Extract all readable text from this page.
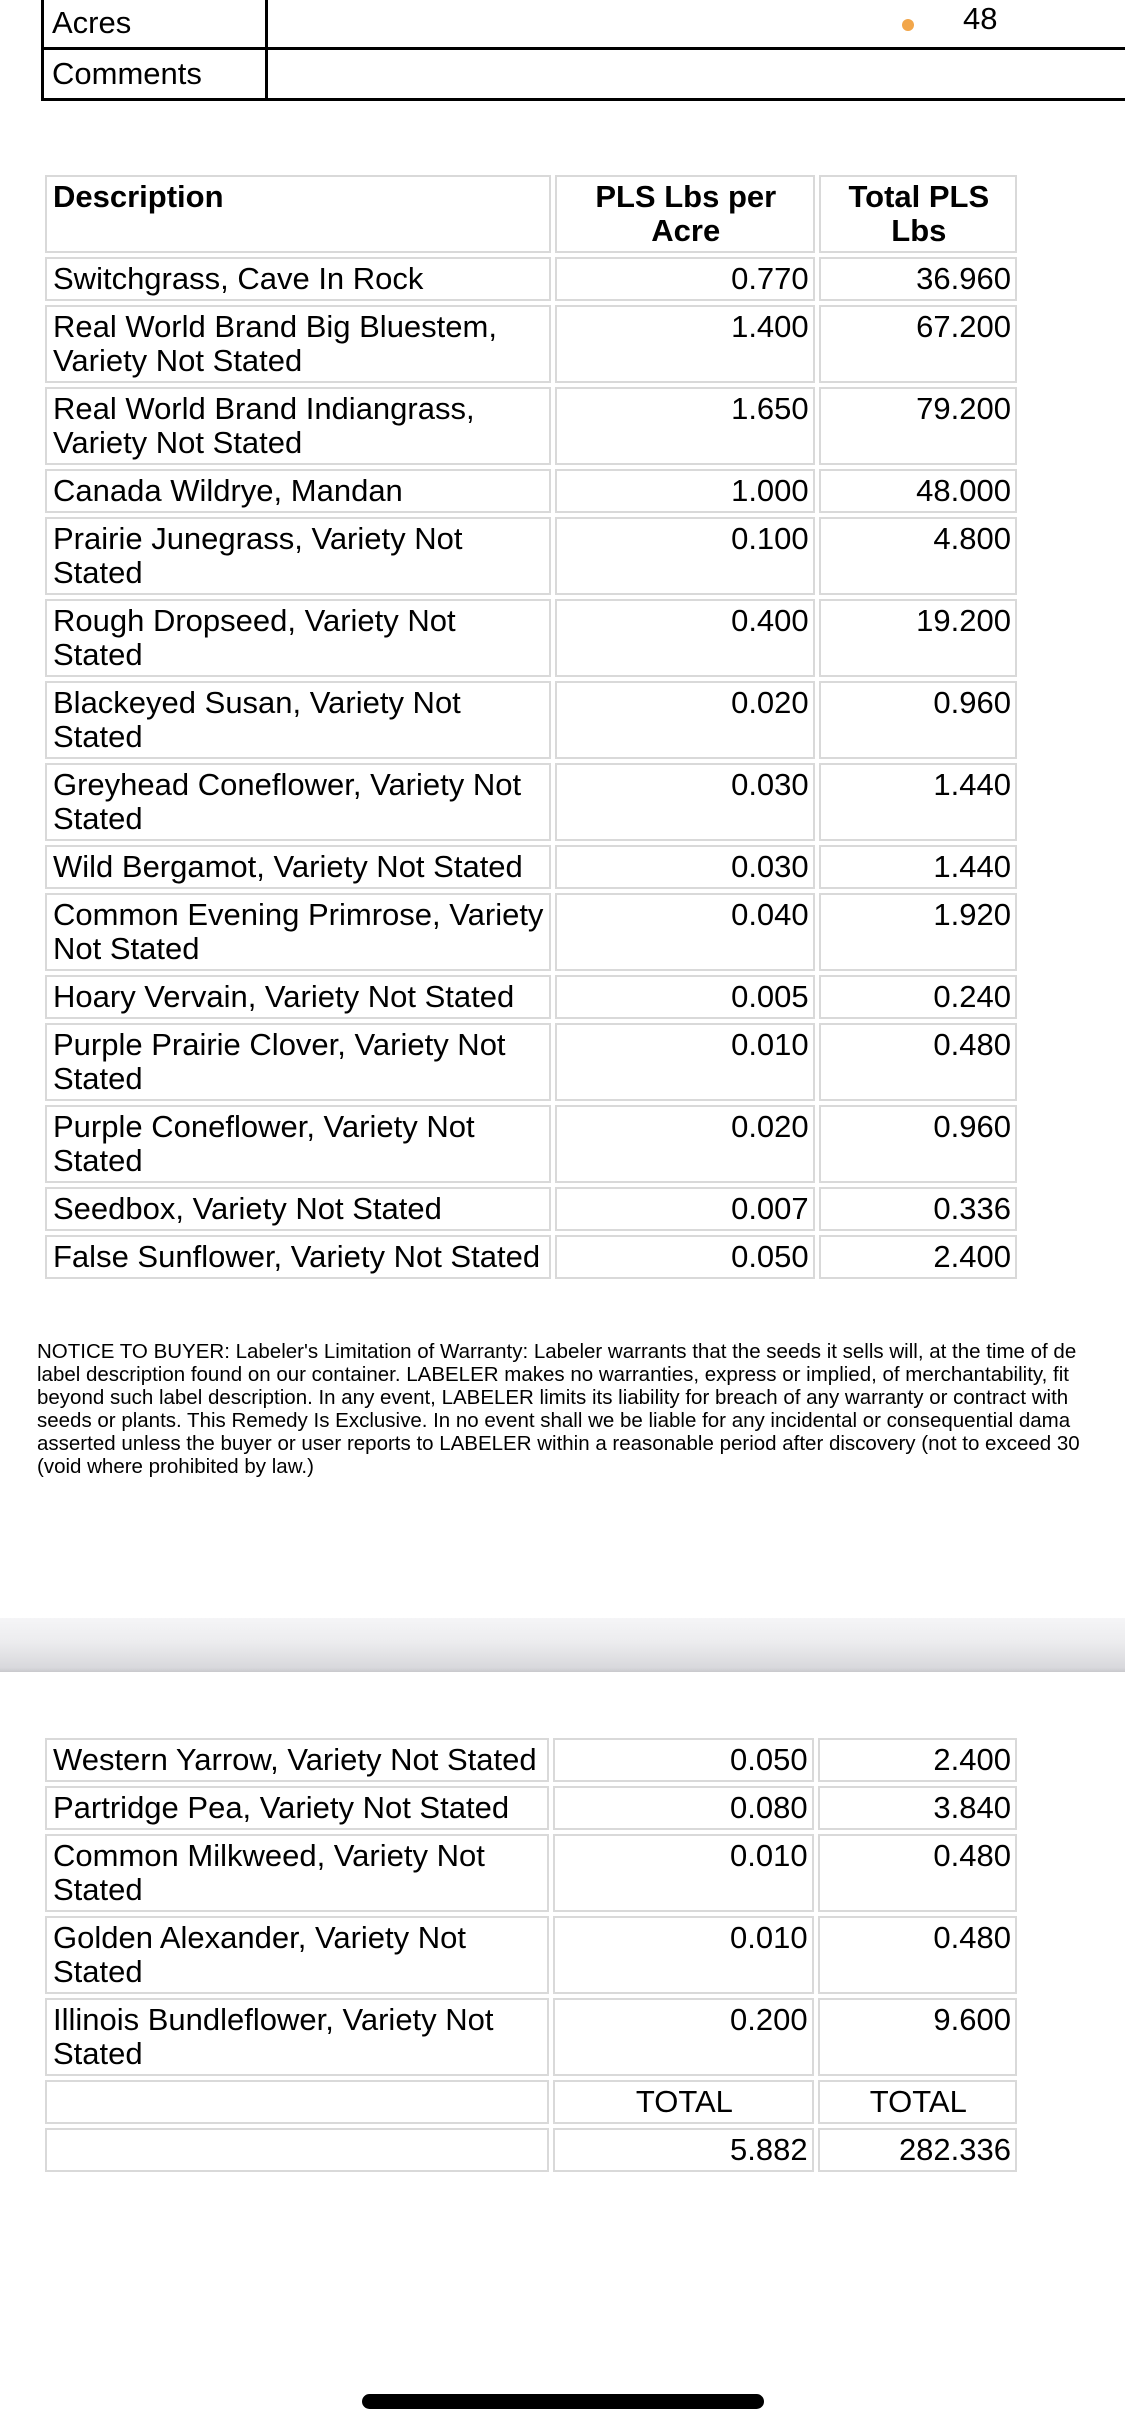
Acres	48

Comments	
Description	PLS Lbs per Acre	Total PLS Lbs
Switchgrass, Cave In Rock	0.770	36.960
Real World Brand Big Bluestem, Variety Not Stated	1.400	67.200
Real World Brand Indiangrass, Variety Not Stated	1.650	79.200
Canada Wildrye, Mandan	1.000	48.000
Prairie Junegrass, Variety Not Stated	0.100	4.800
Rough Dropseed, Variety Not Stated	0.400	19.200
Blackeyed Susan, Variety Not Stated	0.020	0.960
Greyhead Coneflower, Variety Not Stated	0.030	1.440
Wild Bergamot, Variety Not Stated	0.030	1.440
Common Evening Primrose, Variety Not Stated	0.040	1.920
Hoary Vervain, Variety Not Stated	0.005	0.240
Purple Prairie Clover, Variety Not Stated	0.010	0.480
Purple Coneflower, Variety Not Stated	0.020	0.960
Seedbox, Variety Not Stated	0.007	0.336
False Sunflower, Variety Not Stated	0.050	2.400
NOTICE TO BUYER: Labeler's Limitation of Warranty: Labeler warrants that the seeds it sells will, at the time of de
label description found on our container. LABELER makes no warranties, express or implied, of merchantability, fit
beyond such label description. In any event, LABELER limits its liability for breach of any warranty or contract with
seeds or plants. This Remedy Is Exclusive. In no event shall we be liable for any incidental or consequential dama
asserted unless the buyer or user reports to LABELER within a reasonable period after discovery (not to exceed 30
(void where prohibited by law.)
Western Yarrow, Variety Not Stated	0.050	2.400
Partridge Pea, Variety Not Stated	0.080	3.840
Common Milkweed, Variety Not Stated	0.010	0.480
Golden Alexander, Variety Not Stated	0.010	0.480
Illinois Bundleflower, Variety Not Stated	0.200	9.600
	TOTAL	TOTAL
	5.882	282.336
